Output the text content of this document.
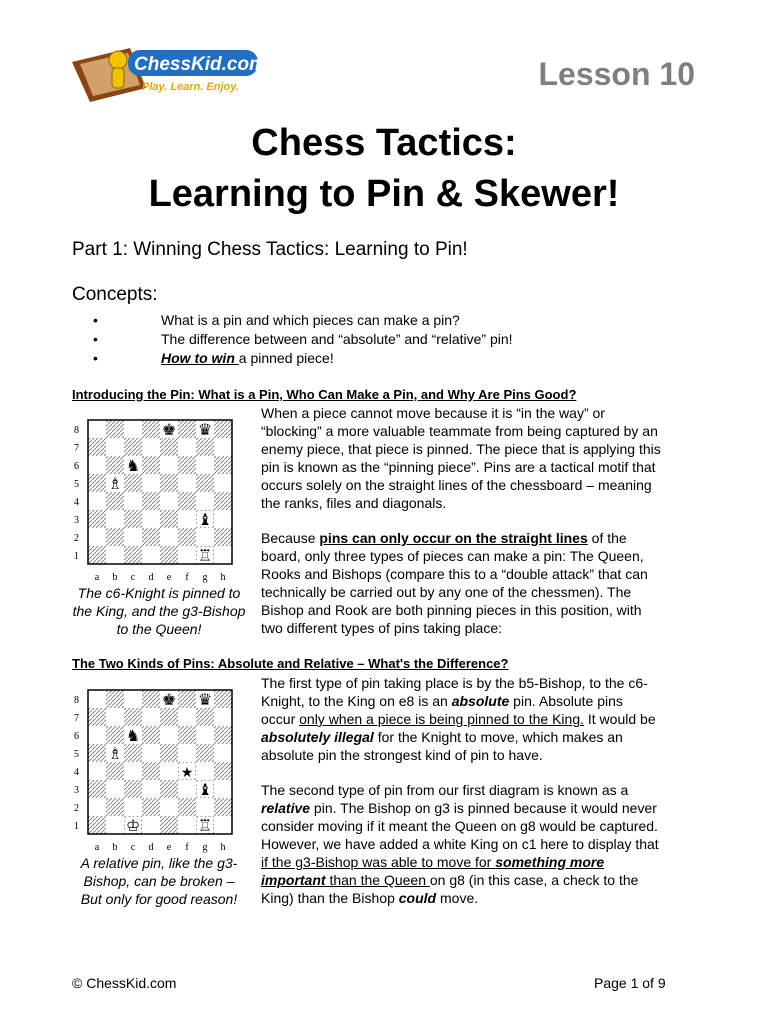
ChessKid.com
Play. Learn. Enjoy.	Lesson 10
Chess Tactics:
Learning to Pin & Skewer!
Part 1: Winning Chess Tactics: Learning to Pin!
Concepts:
•	What is a pin and which pieces can make a pin?
•	The difference between and “absolute” and “relative” pin!
•	How to win a pinned piece!
Introducing the Pin: What is a Pin, Who Can Make a Pin, and Why Are Pins Good?
8
7
6
5
4
3
2
1
a b c d e f g h
♚ ♛
♞
♗
♝
♖
When a piece cannot move because it is “in the way” or “blocking” a more valuable teammate from being captured by an enemy piece, that piece is pinned. The piece that is applying this pin is known as the “pinning piece”. Pins are a tactical motif that occurs solely on the straight lines of the chessboard – meaning the ranks, files and diagonals.
Because pins can only occur on the straight lines of the board, only three types of pieces can make a pin: The Queen, Rooks and Bishops (compare this to a “double attack” that can technically be carried out by any one of the chessmen). The Bishop and Rook are both pinning pieces in this position, with two different types of pins taking place:
The c6-Knight is pinned to the King, and the g3-Bishop to the Queen!
The Two Kinds of Pins: Absolute and Relative – What's the Difference?
8
7
6
5
4
3
2
1
a b c d e f g h
♚ ♛
♞
♗
★
♝
♔	♖
The first type of pin taking place is by the b5-Bishop, to the c6-Knight, to the King on e8 is an absolute pin. Absolute pins occur only when a piece is being pinned to the King. It would be absolutely illegal for the Knight to move, which makes an absolute pin the strongest kind of pin to have.
The second type of pin from our first diagram is known as a relative pin. The Bishop on g3 is pinned because it would never consider moving if it meant the Queen on g8 would be captured. However, we have added a white King on c1 here to display that if the g3-Bishop was able to move for something more important than the Queen on g8 (in this case, a check to the King) than the Bishop could move.
A relative pin, like the g3-Bishop, can be broken – But only for good reason!
© ChessKid.com	Page 1 of 9
